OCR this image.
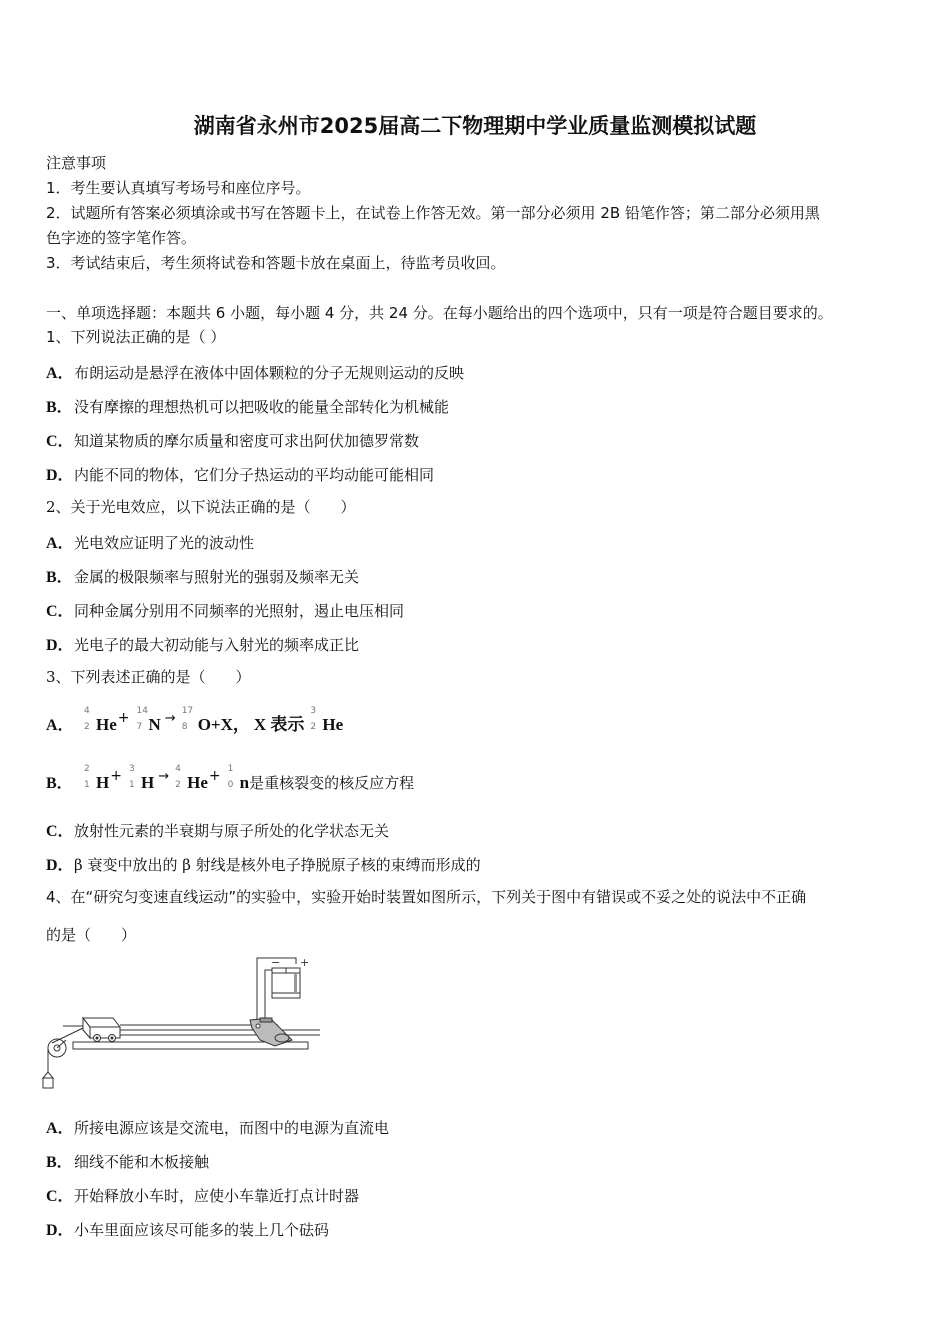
湖南省永州市2025届高二下物理期中学业质量监测模拟试题
注意事项
1．考生要认真填写考场号和座位序号。
2．试题所有答案必须填涂或书写在答题卡上，在试卷上作答无效。第一部分必须用 2B 铅笔作答；第二部分必须用黑
色字迹的签字笔作答。
3．考试结束后，考生须将试卷和答题卡放在桌面上，待监考员收回。
一、单项选择题：本题共 6 小题，每小题 4 分，共 24 分。在每小题给出的四个选项中，只有一项是符合题目要求的。
1、下列说法正确的是（ ）
A．布朗运动是悬浮在液体中固体颗粒的分子无规则运动的反映
B．没有摩擦的理想热机可以把吸收的能量全部转化为机械能
C．知道某物质的摩尔质量和密度可求出阿伏加德罗常数
D．内能不同的物体，它们分子热运动的平均动能可能相同
2、关于光电效应，以下说法正确的是（　　）
A．光电效应证明了光的波动性
B．金属的极限频率与照射光的强弱及频率无关
C．同种金属分别用不同频率的光照射，遏止电压相同
D．光电子的最大初动能与入射光的频率成正比
3、下列表述正确的是（　　）
A．
4
2 He+ 14
7 N → 17
8 O+X， X 表示
3
2 He
B．
2
1 H+ 3
1 H → 4
2 He+ 1
0 n是重核裂变的核反应方程
C．放射性元素的半衰期与原子所处的化学状态无关
D．β 衰变中放出的 β 射线是核外电子挣脱原子核的束缚而形成的
4、在“研究匀变速直线运动”的实验中，实验开始时装置如图所示，下列关于图中有错误或不妥之处的说法中不正确
的是（　　）
− +
A．所接电源应该是交流电，而图中的电源为直流电
B．细线不能和木板接触
C．开始释放小车时，应使小车靠近打点计时器
D．小车里面应该尽可能多的装上几个砝码
